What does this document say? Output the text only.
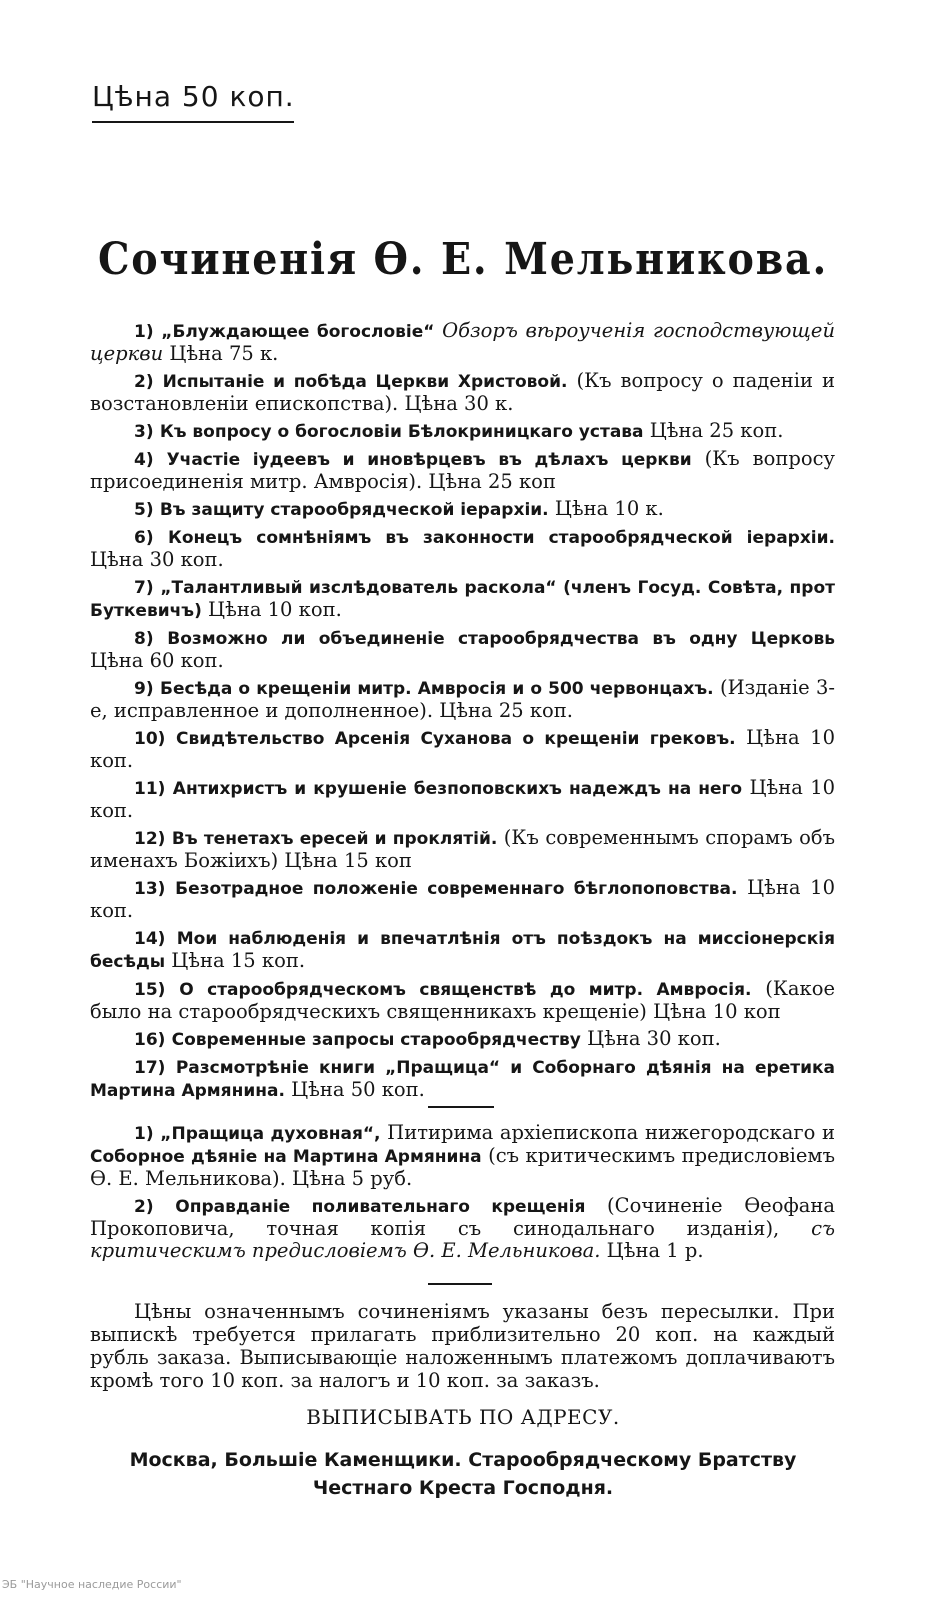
Цѣна 50 коп.
Сочиненія Ѳ. Е. Мельникова.
1) „Блуждающее богословіе“ Обзоръ вѣроученія господствующей церкви Цѣна 75 к.
2) Испытаніе и побѣда Церкви Христовой. (Къ вопросу о паденіи и возстановленіи епископства). Цѣна 30 к.
3) Къ вопросу о богословіи Бѣлокриницкаго устава Цѣна 25 коп.
4) Участіе іудеевъ и иновѣрцевъ въ дѣлахъ церкви (Къ вопросу присоединенія митр. Амвросія). Цѣна 25 коп
5) Въ защиту старообрядческой іерархіи. Цѣна 10 к.
6) Конецъ сомнѣніямъ въ законности старообрядческой іерархіи. Цѣна 30 коп.
7) „Талантливый изслѣдователь раскола“ (членъ Госуд. Совѣта, прот Буткевичъ) Цѣна 10 коп.
8) Возможно ли объединеніе старообрядчества въ одну Церковь Цѣна 60 коп.
9) Бесѣда о крещеніи митр. Амвросія и о 500 червонцахъ. (Изданіе 3-е, исправленное и дополненное). Цѣна 25 коп.
10) Свидѣтельство Арсенія Суханова о крещеніи грековъ. Цѣна 10 коп.
11) Антихристъ и крушеніе безпоповскихъ надеждъ на него Цѣна 10 коп.
12) Въ тенетахъ ересей и проклятій. (Къ современнымъ спорамъ объ именахъ Божіихъ) Цѣна 15 коп
13) Безотрадное положеніе современнаго бѣглопоповства. Цѣна 10 коп.
14) Мои наблюденія и впечатлѣнія отъ поѣздокъ на миссіонерскія бесѣды Цѣна 15 коп.
15) О старообрядческомъ священствѣ до митр. Амвросія. (Какое было на старообрядческихъ священникахъ крещеніе) Цѣна 10 коп
16) Современные запросы старообрядчеству Цѣна 30 коп.
17) Разсмотрѣніе книги „Пращица“ и Соборнаго дѣянія на еретика Мартина Армянина. Цѣна 50 коп.
1) „Пращица духовная“, Питирима архіепископа нижегородскаго и Соборное дѣяніе на Мартина Армянина (съ критическимъ предисловіемъ Ѳ. Е. Мельникова). Цѣна 5 руб.
2) Оправданіе поливательнаго крещенія (Сочиненіе Ѳеофана Прокоповича, точная копія съ синодальнаго изданія), съ критическимъ предисловіемъ Ѳ. Е. Мельникова. Цѣна 1 р.
Цѣны означеннымъ сочиненіямъ указаны безъ пересылки. При выпискѣ требуется прилагать приблизительно 20 коп. на каждый рубль заказа. Выписывающіе наложеннымъ платежомъ доплачиваютъ кромѣ того 10 коп. за налогъ и 10 коп. за заказъ.
ВЫПИСЫВАТЬ ПО АДРЕСУ.
Москва, Большіе Каменщики. Старообрядческому Братству Честнаго Креста Господня.
ЭБ "Научное наследие России"
